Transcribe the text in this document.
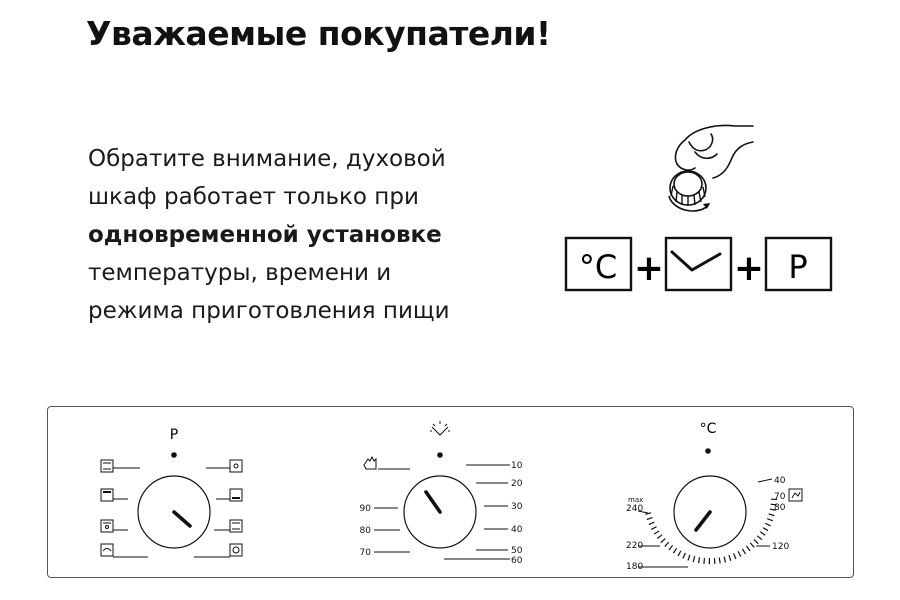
Уважаемые покупатели!
Обратите внимание, духовой
шкаф работает только при
одновременной установке
температуры, времени и
режима приготовления пищи
°C + + P
P	°C
10
20
30
40
50
60
90
80
70
40
70
80
120
max
240
220
180
